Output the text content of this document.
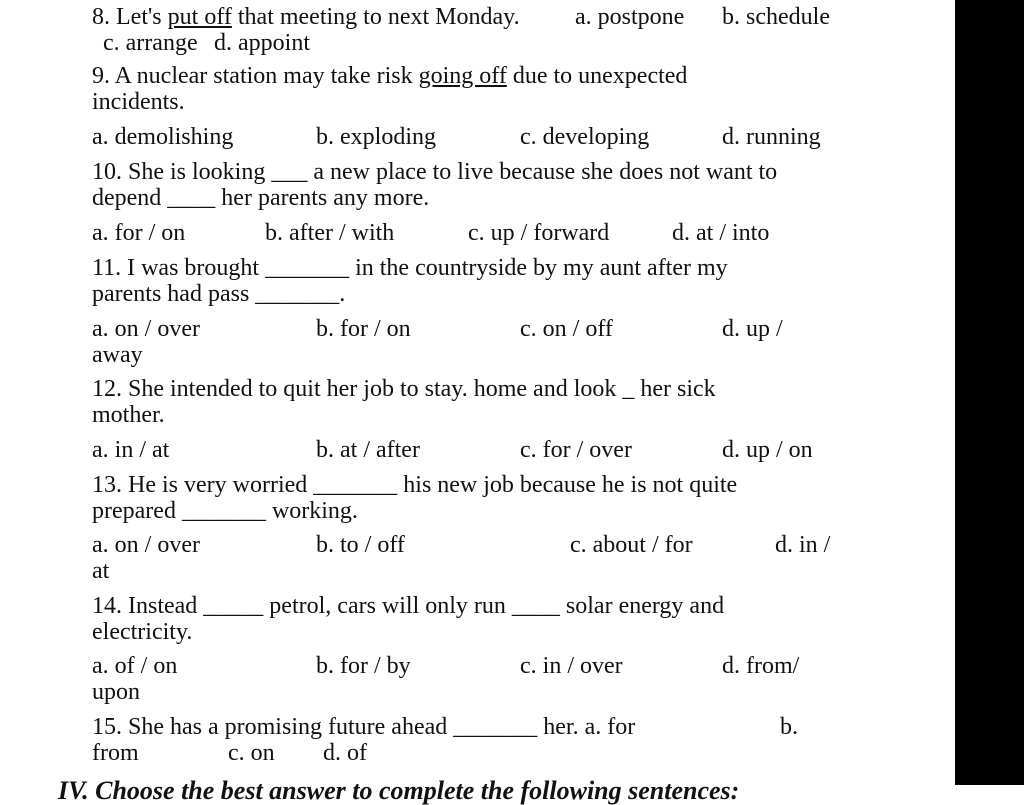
8. Let's put off that meeting to next Monday. a. postpone b. schedule
c. arrange d. appoint
9. A nuclear station may take risk going off due to unexpected
incidents.
a. demolishing	b. exploding	c. developing	d. running
10. She is looking ___ a new place to live because she does not want to
depend ____ her parents any more.
a. for / on	b. after / with	c. up / forward	d. at / into
11. I was brought _______ in the countryside by my aunt after my
parents had pass _______.
a. on / over	b. for / on	c. on / off	d. up /
away
12. She intended to quit her job to stay. home and look _ her sick
mother.
a. in / at	b. at / after	c. for / over	d. up / on
13. He is very worried _______ his new job because he is not quite
prepared _______ working.
a. on / over	b. to / off	c. about / for	d. in /
at
14. Instead _____ petrol, cars will only run ____ solar energy and
electricity.
a. of / on	b. for / by	c. in / over	d. from/
upon
15. She has a promising future ahead _______ her. a. for	b.
from	c. on d. of
IV. Choose the best answer to complete the following sentences:
